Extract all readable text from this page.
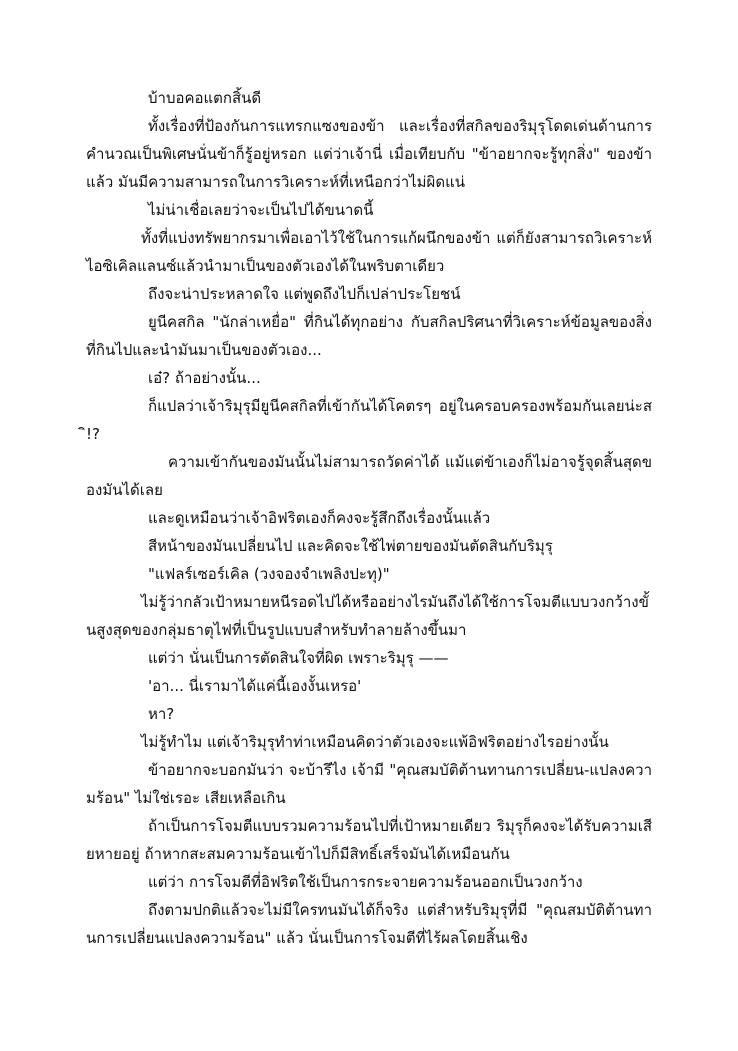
บ้าบอคอแตกสิ้นดี

ทั้งเรื่องที่ป้องกันการแทรกแซงของข้า และเรื่องที่สกิลของริมุรุโดดเด่นด้านการคำนวณเป็นพิเศษนั่นข้าก็รู้อยู่หรอก แต่ว่าเจ้านี่ เมื่อเทียบกับ "ข้าอยากจะรู้ทุกสิ่ง" ของข้าแล้ว มันมีความสามารถในการวิเคราะห์ที่เหนือกว่าไม่ผิดแน่

ไม่น่าเชื่อเลยว่าจะเป็นไปได้ขนาดนี้

ทั้งที่แบ่งทรัพยากรมาเพื่อเอาไว้ใช้ในการแก้ผนึกของข้า แต่ก็ยังสามารถวิเคราะห์ไอซิเคิลแลนซ์แล้วนำมาเป็นของตัวเองได้ในพริบตาเดียว

ถึงจะน่าประหลาดใจ แต่พูดถึงไปก็เปล่าประโยชน์

ยูนีคสกิล "นักล่าเหยื่อ" ที่กินได้ทุกอย่าง กับสกิลปริศนาที่วิเคราะห์ข้อมูลของสิ่งที่กินไปและนำมันมาเป็นของตัวเอง...

เอ๋? ถ้าอย่างนั้น...

ก็แปลว่าเจ้าริมุรุมียูนีคสกิลที่เข้ากันได้โคตรๆ อยู่ในครอบครองพร้อมกันเลยน่ะสิ!?

ความเข้ากันของมันนั้นไม่สามารถวัดค่าได้ แม้แต่ข้าเองก็ไม่อาจรู้จุดสิ้นสุดของมันได้เลย

และดูเหมือนว่าเจ้าอิฟริตเองก็คงจะรู้สึกถึงเรื่องนั้นแล้ว

สีหน้าของมันเปลี่ยนไป และคิดจะใช้ไพ่ตายของมันตัดสินกับริมุรุ

"แฟลร์เซอร์เคิล (วงจองจำเพลิงปะทุ)"

ไม่รู้ว่ากลัวเป้าหมายหนีรอดไปได้หรืออย่างไรมันถึงได้ใช้การโจมตีแบบวงกว้างขั้นสูงสุดของกลุ่มธาตุไฟที่เป็นรูปแบบสำหรับทำลายล้างขึ้นมา

แต่ว่า นั่นเป็นการตัดสินใจที่ผิด เพราะริมุรุ ——

'อา... นี่เรามาได้แค่นี้เองงั้นเหรอ'

หา?

ไม่รู้ทำไม แต่เจ้าริมุรุทำท่าเหมือนคิดว่าตัวเองจะแพ้อิฟริตอย่างไรอย่างนั้น

ข้าอยากจะบอกมันว่า จะบ้ารึไง เจ้ามี "คุณสมบัติต้านทานการเปลี่ยน-แปลงความร้อน" ไม่ใช่เรอะ เสียเหลือเกิน

ถ้าเป็นการโจมตีแบบรวมความร้อนไปที่เป้าหมายเดียว ริมุรุก็คงจะได้รับความเสียหายอยู่ ถ้าหากสะสมความร้อนเข้าไปก็มีสิทธิ์เสร็จมันได้เหมือนกัน

แต่ว่า การโจมตีที่อิฟริตใช้เป็นการกระจายความร้อนออกเป็นวงกว้าง

ถึงตามปกติแล้วจะไม่มีใครทนมันได้ก็จริง แต่สำหรับริมุรุที่มี "คุณสมบัติต้านทานการเปลี่ยนแปลงความร้อน" แล้ว นั่นเป็นการโจมตีที่ไร้ผลโดยสิ้นเชิง
